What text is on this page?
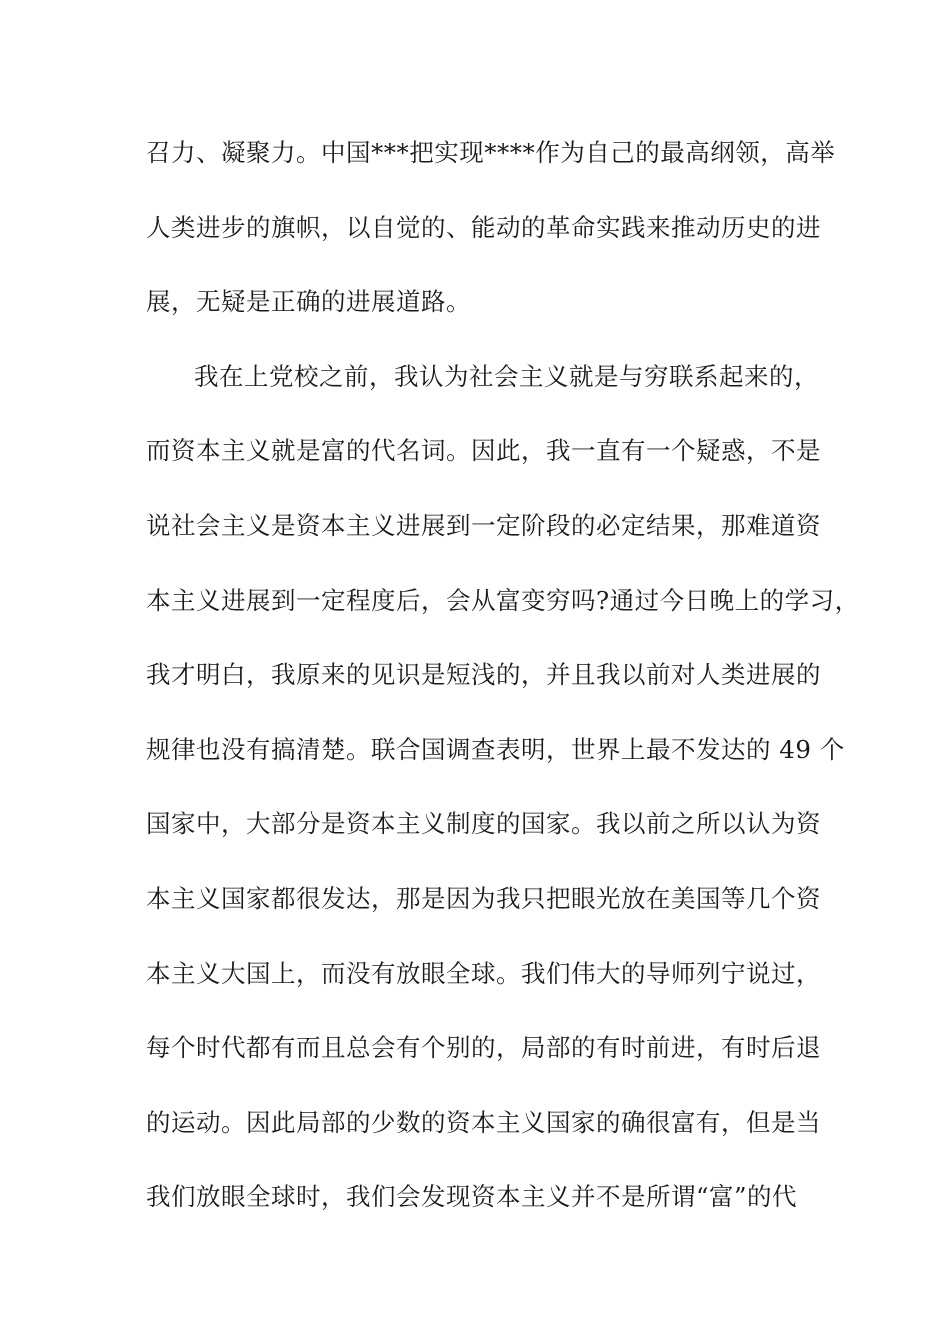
召力、凝聚力。中国***把实现****作为自己的最高纲领，高举
人类进步的旗帜，以自觉的、能动的革命实践来推动历史的进
展，无疑是正确的进展道路。
我在上党校之前，我认为社会主义就是与穷联系起来的，
而资本主义就是富的代名词。因此，我一直有一个疑惑，不是
说社会主义是资本主义进展到一定阶段的必定结果，那难道资
本主义进展到一定程度后，会从富变穷吗?通过今日晚上的学习，
我才明白，我原来的见识是短浅的，并且我以前对人类进展的
规律也没有搞清楚。联合国调查表明，世界上最不发达的 49 个
国家中，大部分是资本主义制度的国家。我以前之所以认为资
本主义国家都很发达，那是因为我只把眼光放在美国等几个资
本主义大国上，而没有放眼全球。我们伟大的导师列宁说过，
每个时代都有而且总会有个别的，局部的有时前进，有时后退
的运动。因此局部的少数的资本主义国家的确很富有，但是当
我们放眼全球时，我们会发现资本主义并不是所谓“富”的代
